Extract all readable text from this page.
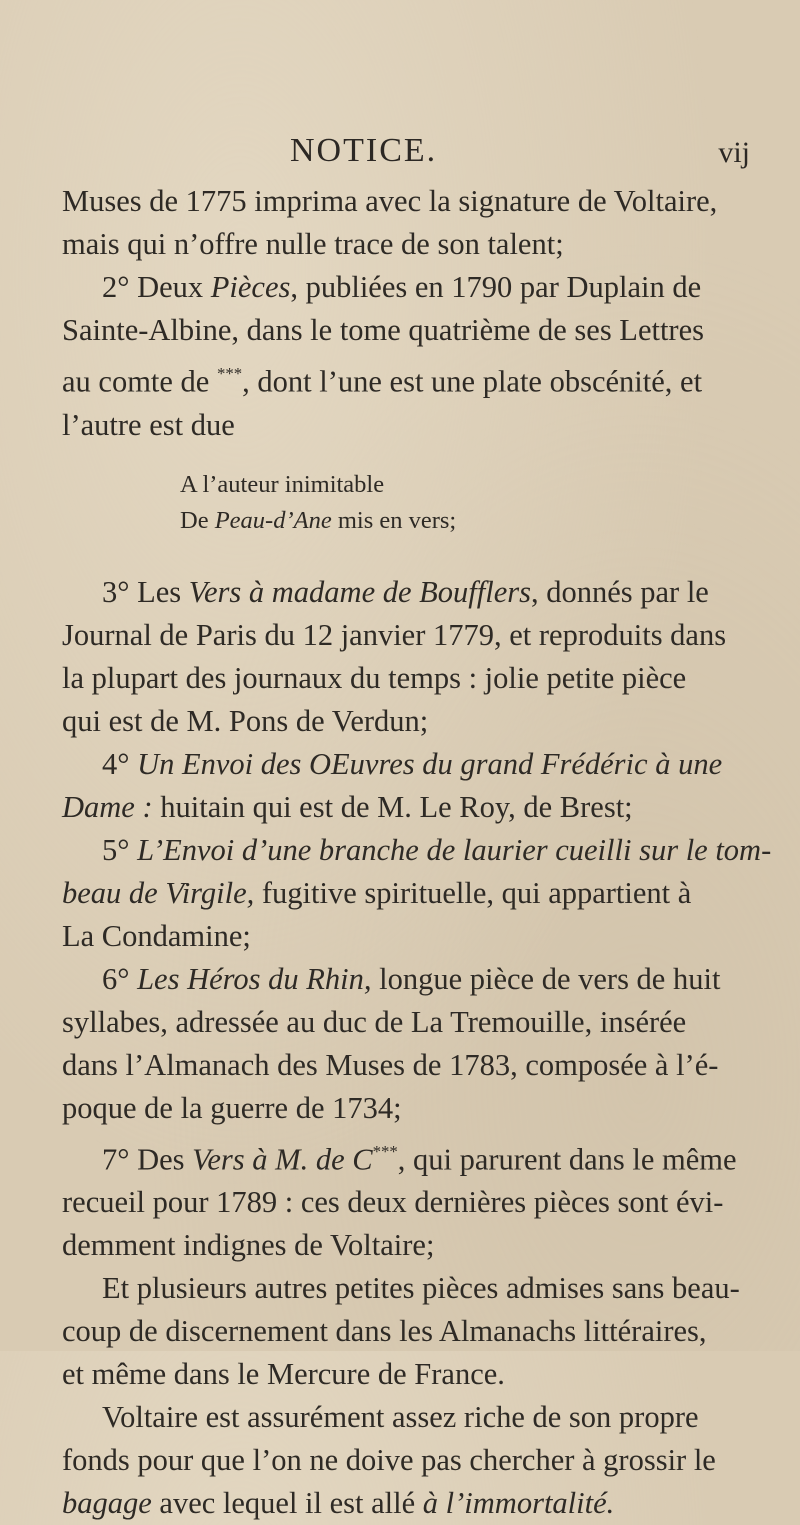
NOTICE.	vij
Muses de 1775 imprima avec la signature de Voltaire,
mais qui n’offre nulle trace de son talent;
2° Deux Pièces, publiées en 1790 par Duplain de
Sainte-Albine, dans le tome quatrième de ses Lettres
au comte de ***, dont l’une est une plate obscénité, et
l’autre est due
A l’auteur inimitable
De Peau-d’Ane mis en vers;
3° Les Vers à madame de Boufflers, donnés par le
Journal de Paris du 12 janvier 1779, et reproduits dans
la plupart des journaux du temps : jolie petite pièce
qui est de M. Pons de Verdun;
4° Un Envoi des OEuvres du grand Frédéric à une
Dame : huitain qui est de M. Le Roy, de Brest;
5° L’Envoi d’une branche de laurier cueilli sur le tom-
beau de Virgile, fugitive spirituelle, qui appartient à
La Condamine;
6° Les Héros du Rhin, longue pièce de vers de huit
syllabes, adressée au duc de La Tremouille, insérée
dans l’Almanach des Muses de 1783, composée à l’é-
poque de la guerre de 1734;
7° Des Vers à M. de C***, qui parurent dans le même
recueil pour 1789 : ces deux dernières pièces sont évi-
demment indignes de Voltaire;
Et plusieurs autres petites pièces admises sans beau-
coup de discernement dans les Almanachs littéraires,
et même dans le Mercure de France.
Voltaire est assurément assez riche de son propre
fonds pour que l’on ne doive pas chercher à grossir le
bagage avec lequel il est allé à l’immortalité.
